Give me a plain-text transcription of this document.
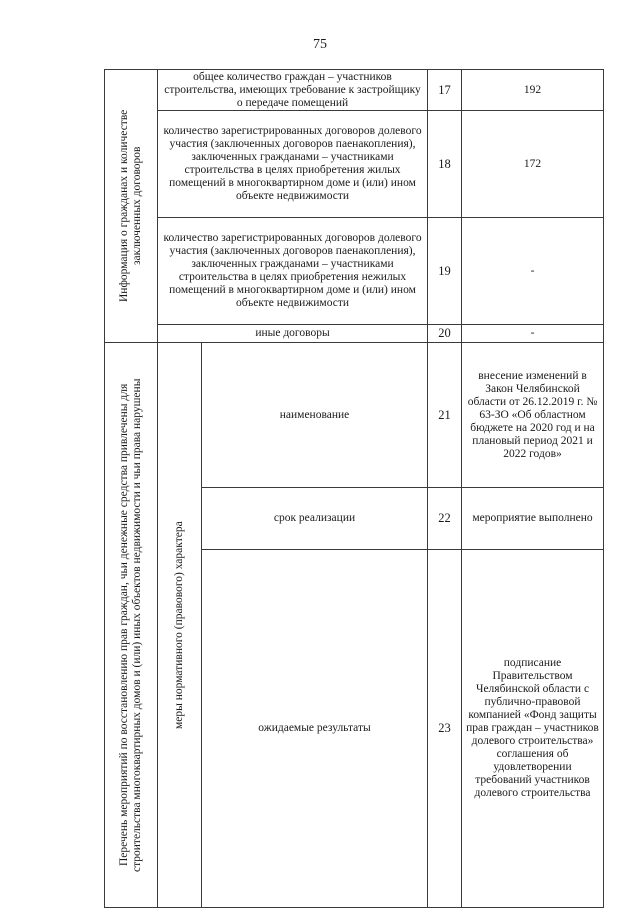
75
Информация о гражданах и количестве заключенных договоров	общее количество граждан – участников строительства, имеющих требование к застройщику о передаче помещений		17	192
	количество зарегистрированных договоров долевого участия (заключенных договоров паенакопления), заключенных гражданами – участниками строительства в целях приобретения жилых помещений в многоквартирном доме и (или) ином объекте недвижимости		18	172
	количество зарегистрированных договоров долевого участия (заключенных договоров паенакопления), заключенных гражданами – участниками строительства в целях приобретения нежилых помещений в многоквартирном доме и (или) ином объекте недвижимости		19	-
	иные договоры		20	-

Перечень мероприятий по восстановлению прав граждан, чьи денежные средства привлечены для строительства многоквартирных домов и (или) иных объектов недвижимости и чьи права нарушены	меры нормативного (правового) характера	наименование	21	внесение изменений в Закон Челябинской области от 26.12.2019 г. № 63-ЗО «Об областном бюджете на 2020 год и на плановый период 2021 и 2022 годов»
		срок реализации	22	мероприятие выполнено
		ожидаемые результаты	23	подписание Правительством Челябинской области с публично-правовой компанией «Фонд защиты прав граждан – участников долевого строительства» соглашения об удовлетворении требований участников долевого строительства
